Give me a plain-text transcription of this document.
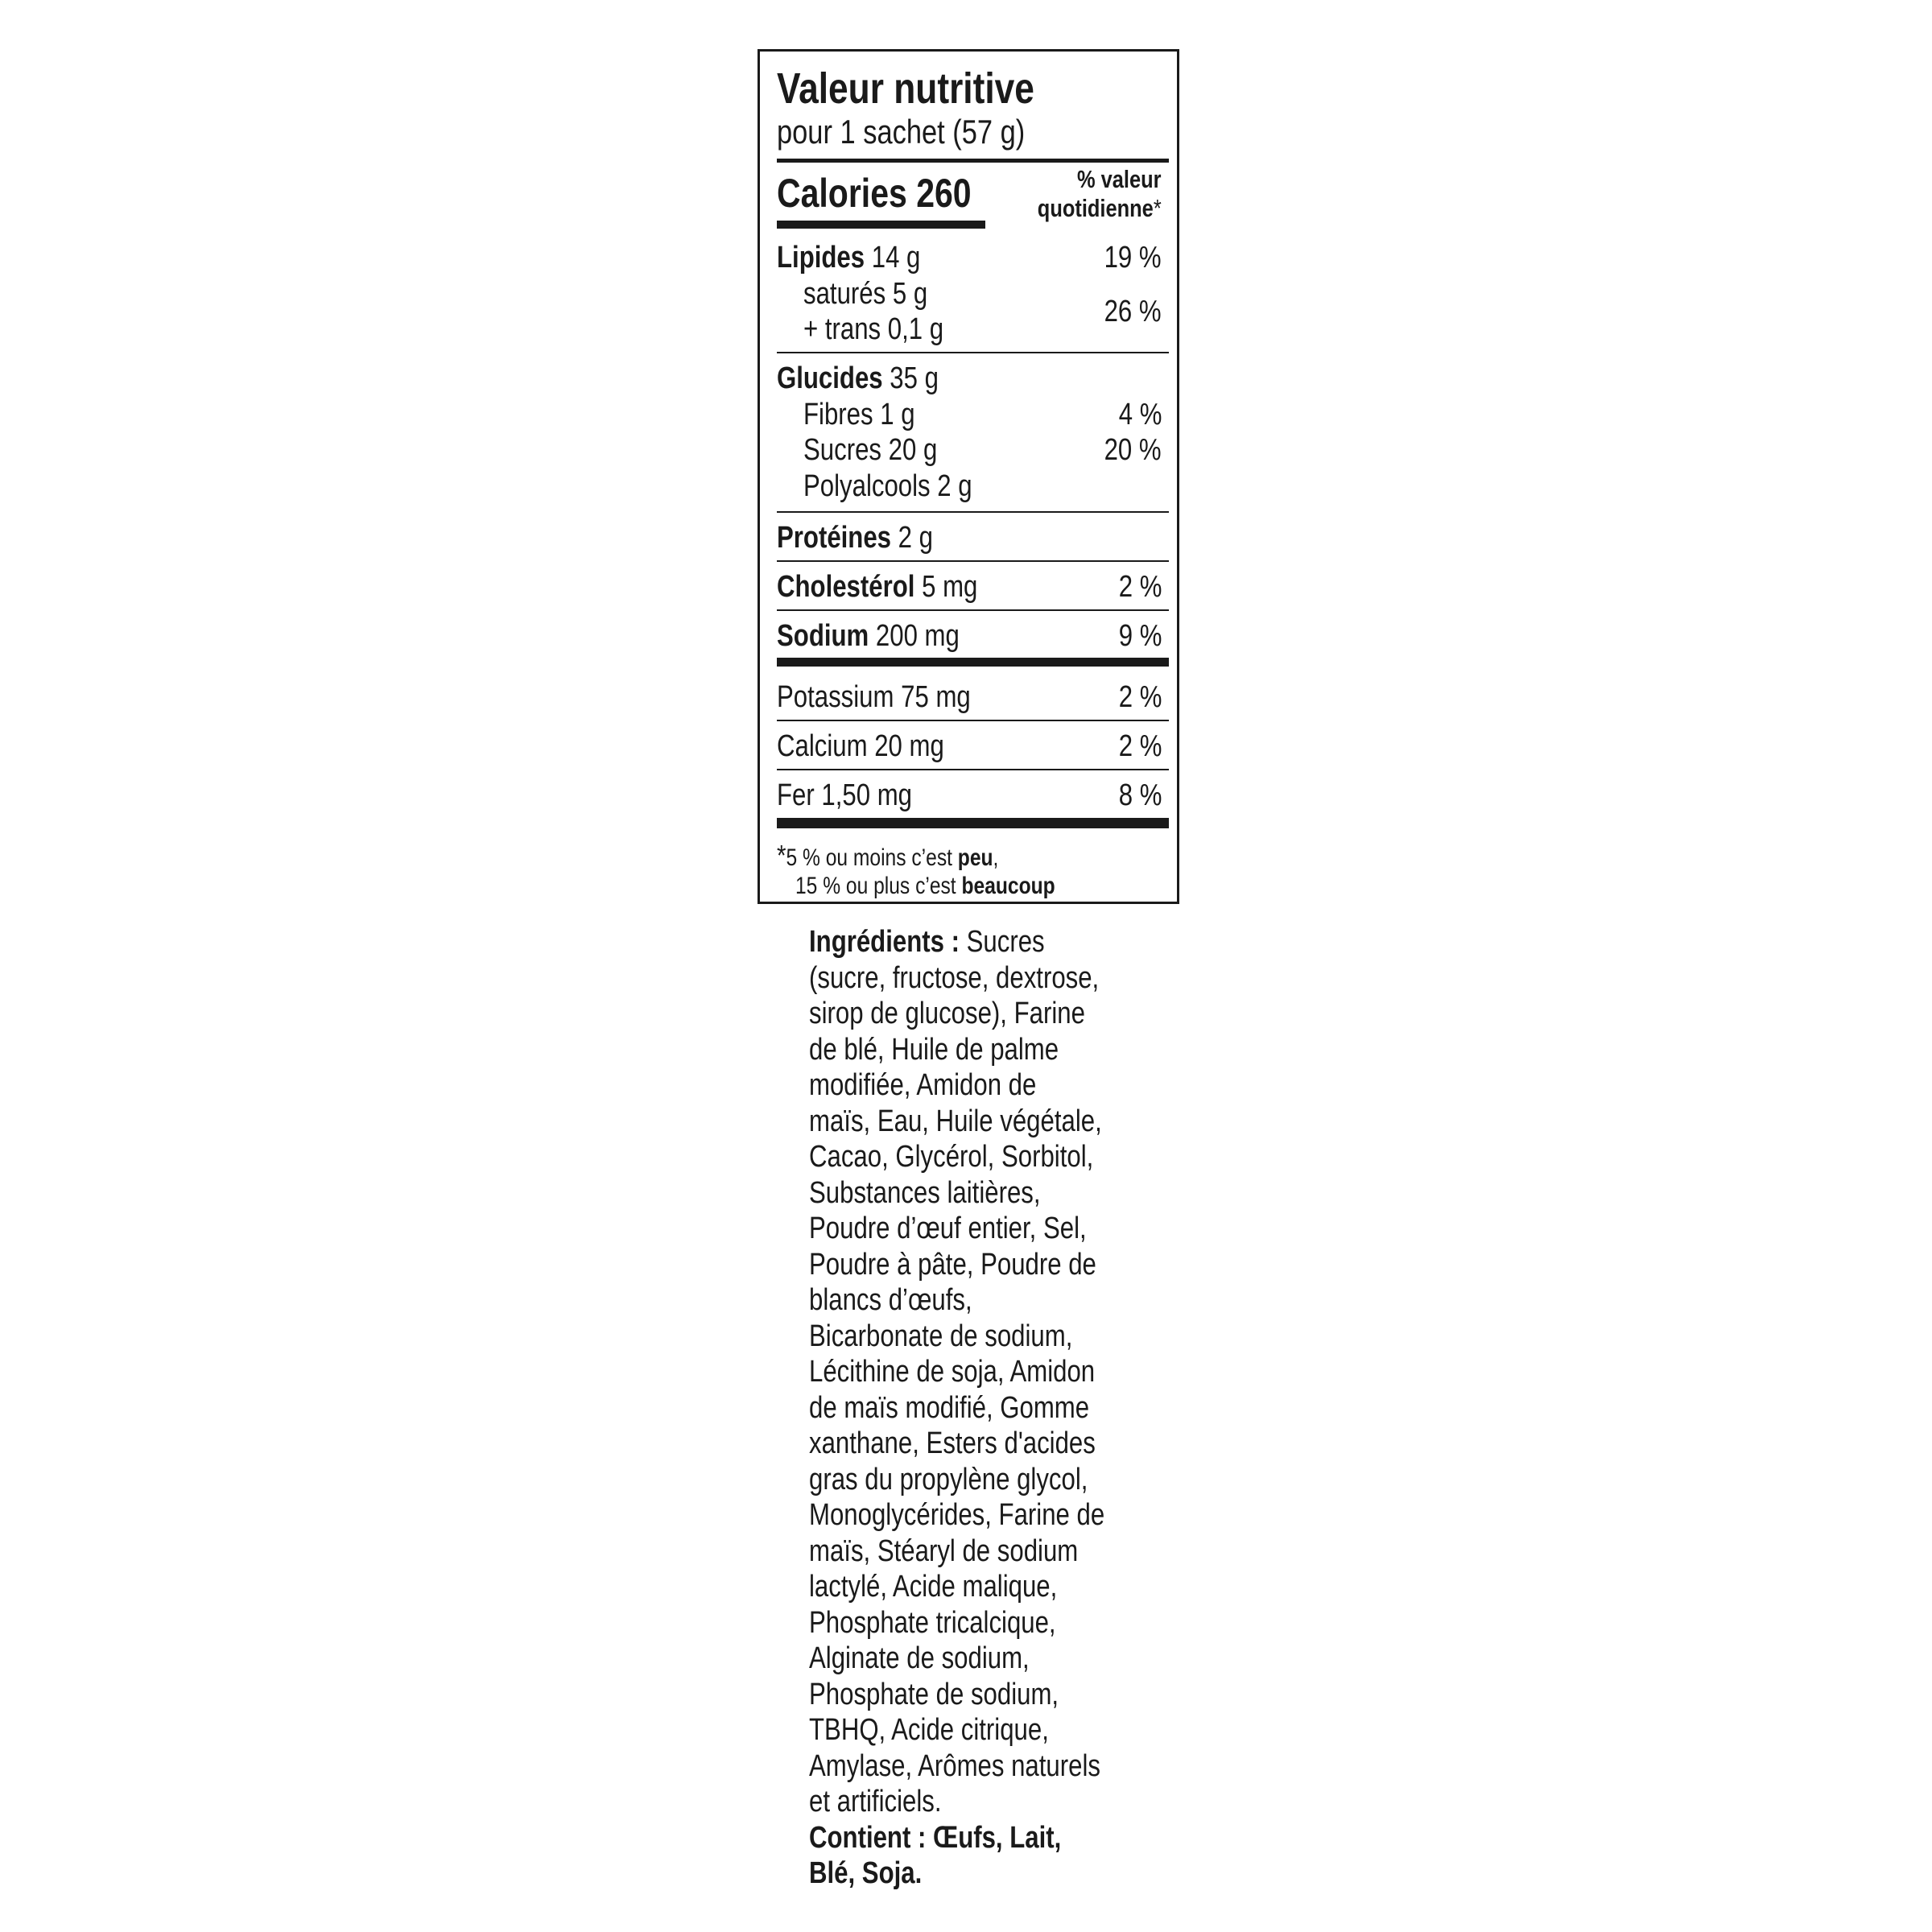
Valeur nutritive
pour 1 sachet (57 g)
Calories 260	% valeur
quotidienne*
Lipides 14 g	19 %
saturés 5 g
+ trans 0,1 g
26 %
Glucides 35 g
Fibres 1 g	4 %
Sucres 20 g	20 %
Polyalcools 2 g
Protéines 2 g
Cholestérol 5 mg	2 %
Sodium 200 mg	9 %
Potassium 75 mg	2 %
Calcium 20 mg	2 %
Fer 1,50 mg	8 %
*5 % ou moins c’est peu,
15 % ou plus c’est beaucoup
Ingrédients : Sucres
(sucre, fructose, dextrose,
sirop de glucose), Farine
de blé, Huile de palme
modifiée, Amidon de
maïs, Eau, Huile végétale,
Cacao, Glycérol, Sorbitol,
Substances laitières,
Poudre d’œuf entier, Sel,
Poudre à pâte, Poudre de
blancs d’œufs,
Bicarbonate de sodium,
Lécithine de soja, Amidon
de maïs modifié, Gomme
xanthane, Esters d'acides
gras du propylène glycol,
Monoglycérides, Farine de
maïs, Stéaryl de sodium
lactylé, Acide malique,
Phosphate tricalcique,
Alginate de sodium,
Phosphate de sodium,
TBHQ, Acide citrique,
Amylase, Arômes naturels
et artificiels.
Contient : Œufs, Lait,
Blé, Soja.
